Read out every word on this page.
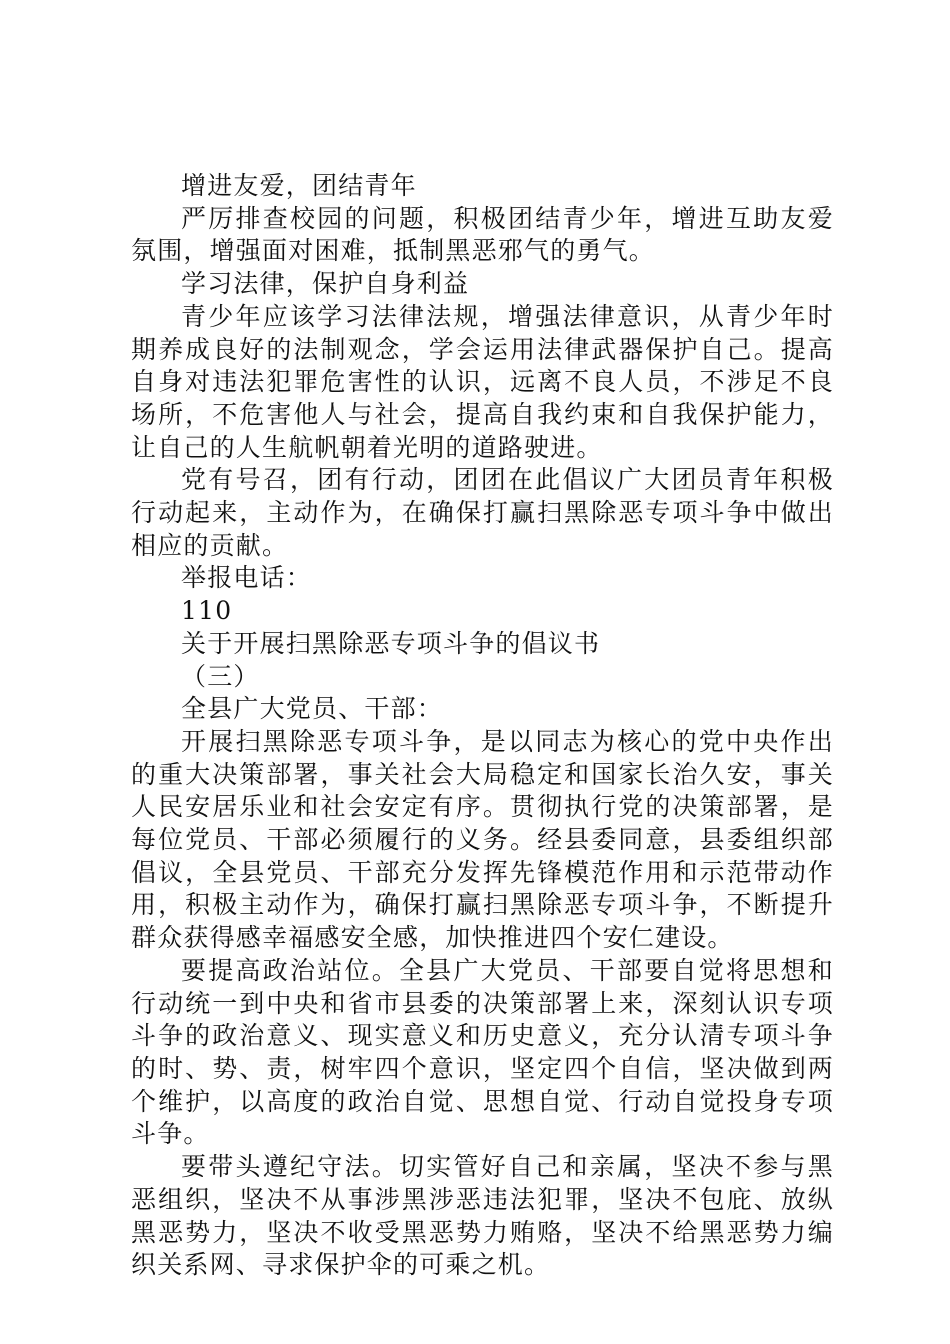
增进友爱，团结青年

严厉排查校园的问题，积极团结青少年，增进互助友爱氛围，增强面对困难，抵制黑恶邪气的勇气。

学习法律，保护自身利益

青少年应该学习法律法规，增强法律意识，从青少年时期养成良好的法制观念，学会运用法律武器保护自己。提高自身对违法犯罪危害性的认识，远离不良人员，不涉足不良场所，不危害他人与社会，提高自我约束和自我保护能力，让自己的人生航帆朝着光明的道路驶进。

党有号召，团有行动，团团在此倡议广大团员青年积极行动起来，主动作为，在确保打赢扫黑除恶专项斗争中做出相应的贡献。

举报电话：

110

关于开展扫黑除恶专项斗争的倡议书

（三）

全县广大党员、干部：

开展扫黑除恶专项斗争，是以同志为核心的党中央作出的重大决策部署，事关社会大局稳定和国家长治久安，事关人民安居乐业和社会安定有序。贯彻执行党的决策部署，是每位党员、干部必须履行的义务。经县委同意，县委组织部倡议，全县党员、干部充分发挥先锋模范作用和示范带动作用，积极主动作为，确保打赢扫黑除恶专项斗争，不断提升群众获得感幸福感安全感，加快推进四个安仁建设。

要提高政治站位。全县广大党员、干部要自觉将思想和行动统一到中央和省市县委的决策部署上来，深刻认识专项斗争的政治意义、现实意义和历史意义，充分认清专项斗争的时、势、责，树牢四个意识，坚定四个自信，坚决做到两个维护，以高度的政治自觉、思想自觉、行动自觉投身专项斗争。

要带头遵纪守法。切实管好自己和亲属，坚决不参与黑恶组织，坚决不从事涉黑涉恶违法犯罪，坚决不包庇、放纵黑恶势力，坚决不收受黑恶势力贿赂，坚决不给黑恶势力编织关系网、寻求保护伞的可乘之机。
